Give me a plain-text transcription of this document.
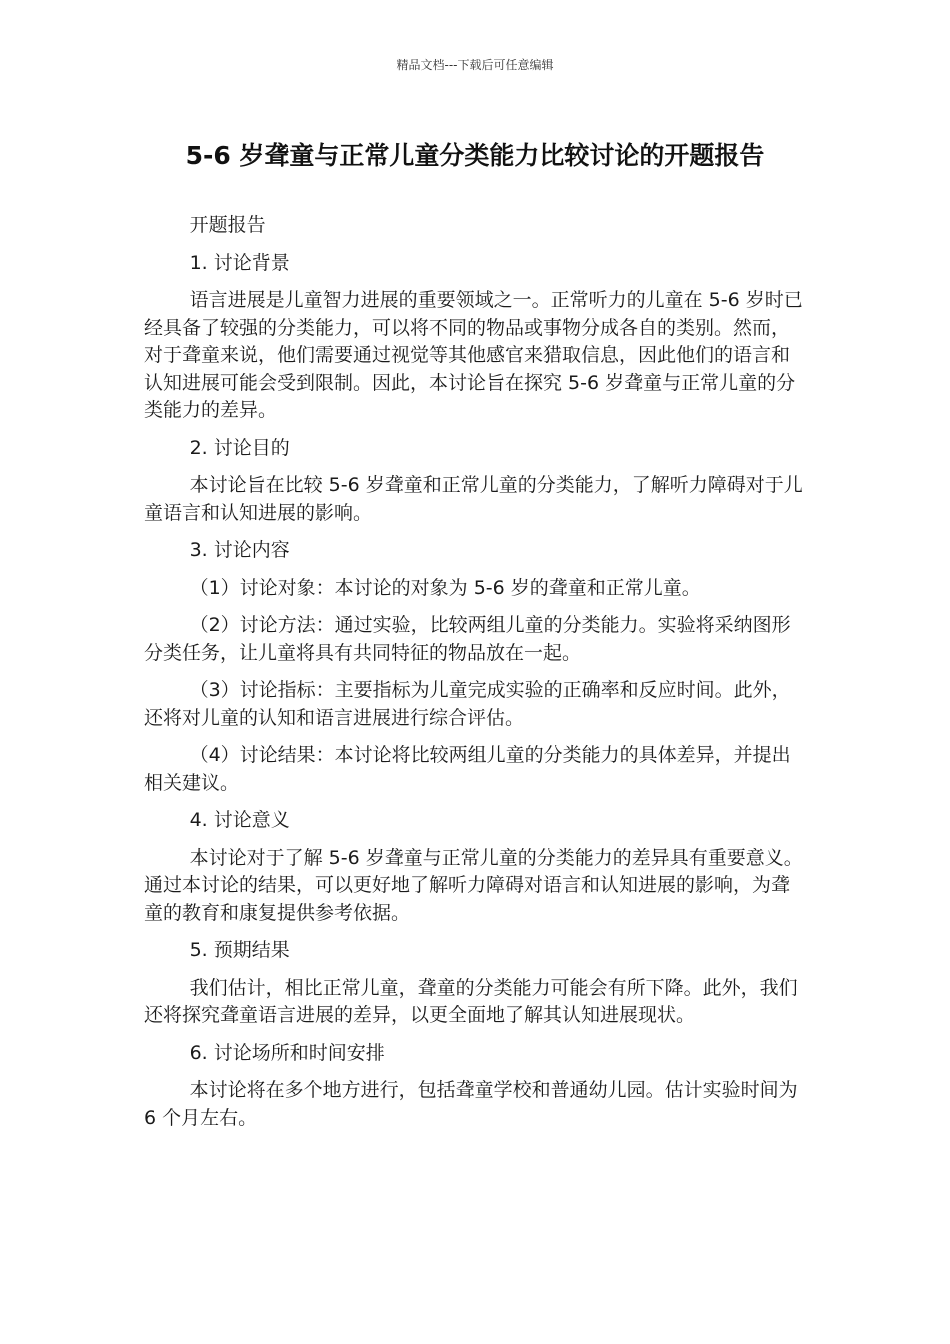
精品文档---下载后可任意编辑
5-6 岁聋童与正常儿童分类能力比较讨论的开题报告

开题报告

1. 讨论背景

语言进展是儿童智力进展的重要领域之一。正常听力的儿童在 5-6 岁时已经具备了较强的分类能力，可以将不同的物品或事物分成各自的类别。然而，对于聋童来说，他们需要通过视觉等其他感官来猎取信息，因此他们的语言和认知进展可能会受到限制。因此，本讨论旨在探究 5-6 岁聋童与正常儿童的分类能力的差异。

2. 讨论目的

本讨论旨在比较 5-6 岁聋童和正常儿童的分类能力，了解听力障碍对于儿童语言和认知进展的影响。

3. 讨论内容

（1）讨论对象：本讨论的对象为 5-6 岁的聋童和正常儿童。

（2）讨论方法：通过实验，比较两组儿童的分类能力。实验将采纳图形分类任务，让儿童将具有共同特征的物品放在一起。

（3）讨论指标：主要指标为儿童完成实验的正确率和反应时间。此外，还将对儿童的认知和语言进展进行综合评估。

（4）讨论结果：本讨论将比较两组儿童的分类能力的具体差异，并提出相关建议。

4. 讨论意义

本讨论对于了解 5-6 岁聋童与正常儿童的分类能力的差异具有重要意义。通过本讨论的结果，可以更好地了解听力障碍对语言和认知进展的影响，为聋童的教育和康复提供参考依据。

5. 预期结果

我们估计，相比正常儿童，聋童的分类能力可能会有所下降。此外，我们还将探究聋童语言进展的差异，以更全面地了解其认知进展现状。

6. 讨论场所和时间安排

本讨论将在多个地方进行，包括聋童学校和普通幼儿园。估计实验时间为 6 个月左右。
